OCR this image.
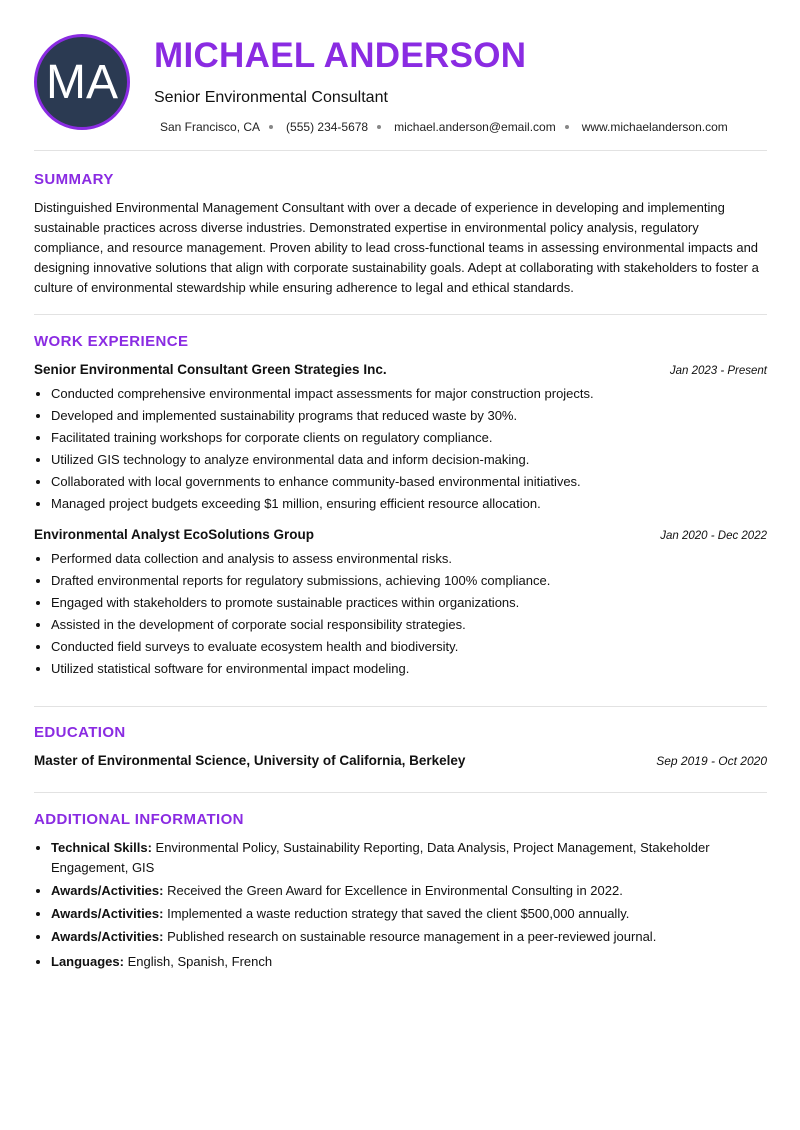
MA	MICHAEL ANDERSON
Senior Environmental Consultant
San Francisco, CA (555) 234-5678 michael.anderson@email.com www.michaelanderson.com
SUMMARY

Distinguished Environmental Management Consultant with over a decade of experience in developing and implementing sustainable practices across diverse industries. Demonstrated expertise in environmental policy analysis, regulatory compliance, and resource management. Proven ability to lead cross-functional teams in assessing environmental impacts and designing innovative solutions that align with corporate sustainability goals. Adept at collaborating with stakeholders to foster a culture of environmental stewardship while ensuring adherence to legal and ethical standards.

WORK EXPERIENCE
Senior Environmental Consultant Green Strategies Inc.	Jan 2023 - Present
• Conducted comprehensive environmental impact assessments for major construction projects.
• Developed and implemented sustainability programs that reduced waste by 30%.
• Facilitated training workshops for corporate clients on regulatory compliance.
• Utilized GIS technology to analyze environmental data and inform decision-making.
• Collaborated with local governments to enhance community-based environmental initiatives.
• Managed project budgets exceeding $1 million, ensuring efficient resource allocation.
Environmental Analyst EcoSolutions Group	Jan 2020 - Dec 2022
• Performed data collection and analysis to assess environmental risks.
• Drafted environmental reports for regulatory submissions, achieving 100% compliance.
• Engaged with stakeholders to promote sustainable practices within organizations.
• Assisted in the development of corporate social responsibility strategies.
• Conducted field surveys to evaluate ecosystem health and biodiversity.
• Utilized statistical software for environmental impact modeling.
EDUCATION
Master of Environmental Science, University of California, Berkeley	Sep 2019 - Oct 2020
ADDITIONAL INFORMATION
• Technical Skills: Environmental Policy, Sustainability Reporting, Data Analysis, Project Management, Stakeholder Engagement, GIS
• Awards/Activities: Received the Green Award for Excellence in Environmental Consulting in 2022.
• Awards/Activities: Implemented a waste reduction strategy that saved the client $500,000 annually.
• Awards/Activities: Published research on sustainable resource management in a peer-reviewed journal.
• Languages: English, Spanish, French
